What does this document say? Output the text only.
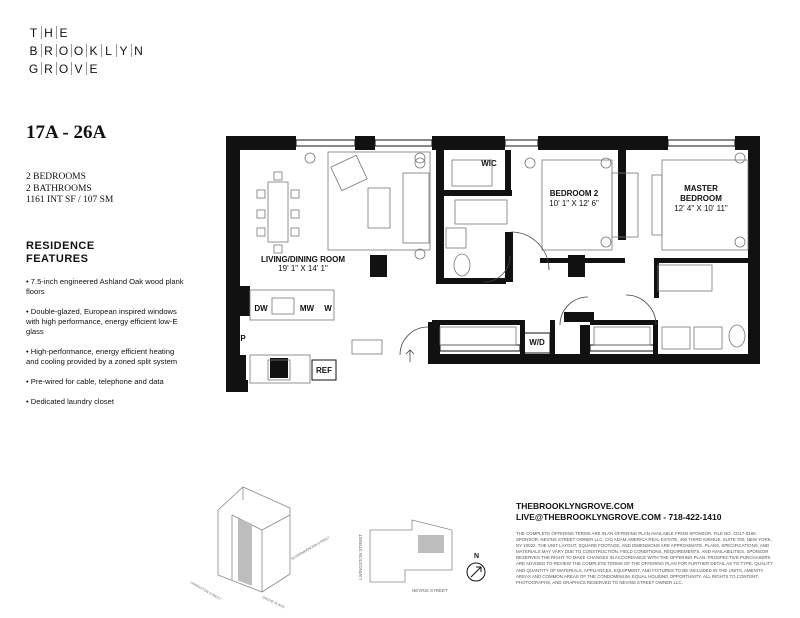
T H E
B R O O K L Y N
G R O V E
17A - 26A
2 BEDROOMS
2 BATHROOMS
1161 INT SF / 107 SM
RESIDENCE
FEATURES
• 7.5-inch engineered Ashland Oak wood plank floors
• Double-glazed, European inspired windows with high performance, energy efficient low-E glass
• High-performance, energy efficient heating and cooling provided by a zoned split system
• Pre-wired for cable, telephone and data
• Dedicated laundry closet
LIVING/DINING ROOM
19' 1" X 14' 1"
WIC
BEDROOM 2
10' 1" X 12' 6"
MASTER
BEDROOM
12' 4" X 10' 11"
DW	MW W
P
REF
W/D
LIVINGSTON STREET
SCHERMERHORN STREET
GROVE PLACE
LIVINGSTON STREET
NEVINS STREET
N
THEBROOKLYNGROVE.COM
LIVE@THEBROOKLYNGROVE.COM - 718-422-1410
THE COMPLETE OFFERING TERMS ARE IN AN OFFERING PLAN AVAILABLE FROM SPONSOR. FILE NO. CD17-0169. SPONSOR: NEVINS STREET OWNER LLC, C/O ADAM AMERICA REAL ESTATE, 460 THIRD AVENUE, SUITE 700, NEW YORK, NY 10022. THE UNIT LAYOUT, SQUARE FOOTAGE, AND DIMENSIONS ARE APPROXIMATE. PLANS, SPECIFICATIONS, AND MATERIALS MAY VARY DUE TO CONSTRUCTION, FIELD CONDITIONS, REQUIREMENTS, AND AVAILABILITIES. SPONSOR RESERVES THE RIGHT TO MAKE CHANGES IN ACCORDANCE WITH THE OFFERING PLAN. PROSPECTIVE PURCHASERS ARE ADVISED TO REVIEW THE COMPLETE TERMS OF THE OFFERING PLAN FOR FURTHER DETAIL AS TO TYPE, QUALITY AND QUANTITY OF MATERIALS, APPLIANCES, EQUIPMENT, AND FIXTURES TO BE INCLUDED IN THE UNITS, AMENITY AREAS AND COMMON AREAS OF THE CONDOMINIUM. EQUAL HOUSING OPPORTUNITY. ALL RIGHTS TO CONTENT, PHOTOGRAPHS, AND GRAPHICS RESERVED TO NEVINS STREET OWNER LLC.
